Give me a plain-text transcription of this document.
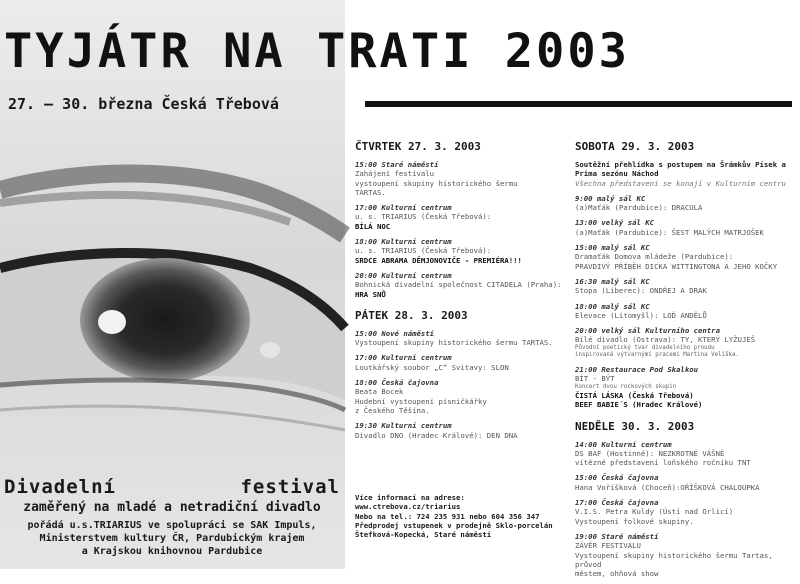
TYJÁTR NA TRATI 2003
27. – 30. března Česká Třebová
Divadelní	festival
zaměřený na mladé a netradiční divadlo
pořádá u.s.TRIARIUS ve spolupráci se SAK Impuls,
Ministerstvem kultury ČR, Pardubickým krajem
a Krajskou knihovnou Pardubice
ČTVRTEK 27. 3. 2003
15:00 Staré náměstí
Zahájení festivalu
vystoupení skupiny historického šermu
TARTAS.
17:00 Kulturní centrum
u. s. TRIARIUS (Česká Třebová):
BÍLÁ NOC
18:00 Kulturní centrum
u. s. TRIARIUS (Česká Třebová):
SRDCE ABRAMA DĚMJONOVIČE - PREMIÉRA!!!
20:00 Kulturní centrum
Bohnická divadelní společnost CITADELA (Praha):
HRA SNŮ
PÁTEK 28. 3. 2003
15:00 Nové náměstí
Vystoupení skupiny historického šermu TARTAS.
17:00 Kulturní centrum
Loutkářský soubor „C“ Svitavy: SLON
18:00 Česká čajovna
Beata Bocek
Hudební vystoupení písničkářky
z Českého Těšína.
19:30 Kulturní centrum
Divadlo DNO (Hradec Králové): DEN DNA
SOBOTA 29. 3. 2003
Soutěžní přehlídka s postupem na Šrámkův Písek a
Prima sezónu Náchod
Všechna představení se konají v Kulturním centru
9:00 malý sál KC
(a)Maťák (Pardubice): DRACULA
13:00 velký sál KC
(a)Maťák (Pardubice): ŠEST MALÝCH MATRJOŠEK
15:00 malý sál KC
Dramaťák Domova mládeže (Pardubice):
PRAVDIVÝ PŘÍBĚH DICKA WITTINGTONA A JEHO KOČKY
16:30 malý sál KC
Stopa (Liberec): ONDŘEJ A DRAK
18:00 malý sál KC
Elevace (Litomyšl): LOĎ ANDĚLŮ
20:00 velký sál Kulturního centra
Bílé divadlo (Ostrava): TY, KTERÝ LYŽUJEŠ
Původní poetický tvar divadelního proudu
inspirovaná výtvarnými pracemi Martina Velíška.
21:00 Restaurace Pod Skalkou
BÍT - BÝT
Koncert dvou rockových skupin
ČISTÁ LÁSKA (Česká Třebová)
BEEF BABIE´S (Hradec Králové)
NEDĚLE 30. 3. 2003
14:00 Kulturní centrum
DS BAF (Hostinné): NEZKROTNÉ VÁŠNĚ
vítězné představení loňského ročníku TNT
15:00 Česká čajovna
Hana Voříšková (Choceň):OŘÍŠKOVÁ CHALOUPKA
17:00 Česká čajovna
V.I.S. Petra Kuldy (Ústí nad Orlicí)
Vystoupení folkové skupiny.
19:00 Staré náměstí
ZÁVĚR FESTIVALU
Vystoupení skupiny historického šermu Tartas, průvod
městem, ohňová show
Více informací na adrese:
www.ctrebova.cz/triarius
Nebo na tel.: 724 235 931 nebo 604 356 347
Předprodej vstupenek v prodejně Sklo-porcelán
Štefková-Kopecká, Staré náměstí
